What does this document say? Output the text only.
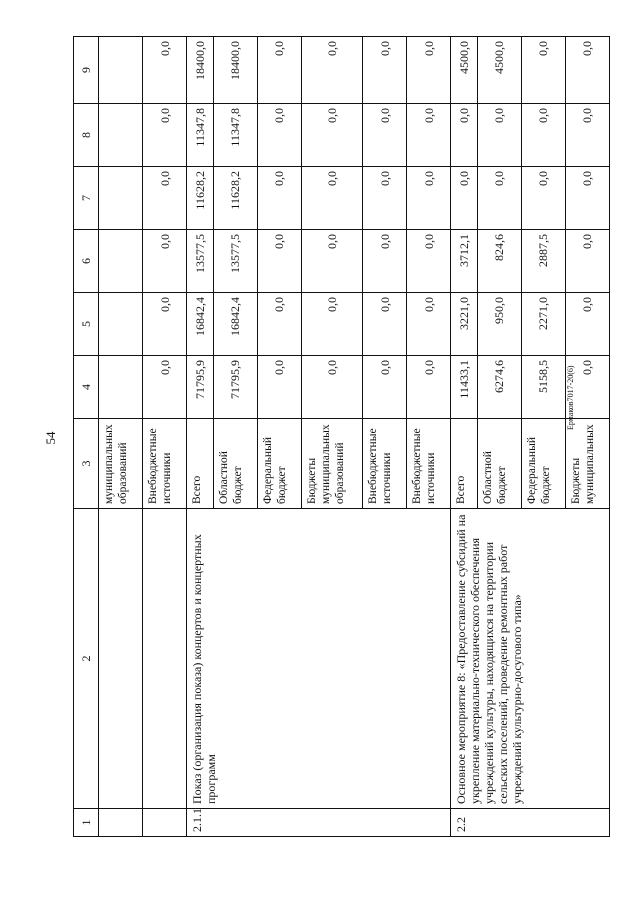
54
Ермаков7017-20(6)
1	2	3	4	5	6	7	8	9
		муниципальных образований						
		Внебюджетные источники	0,0	0,0	0,0	0,0	0,0	0,0
2.1.1	Показ (организация показа) концертов и концертных программ	Всего	71795,9	16842,4	13577,5	11628,2	11347,8	18400,0
		Областной бюджет	71795,9	16842,4	13577,5	11628,2	11347,8	18400,0
		Федеральный бюджет	0,0	0,0	0,0	0,0	0,0	0,0
		Бюджеты муниципальных образований	0,0	0,0	0,0	0,0	0,0	0,0
		Внебюджетные источники	0,0	0,0	0,0	0,0	0,0	0,0
		Внебюджетные источники	0,0	0,0	0,0	0,0	0,0	0,0
2.2	Основное мероприятие 8: «Предоставление субсидий на укрепление материально-технического обеспечения учреждений культуры, находящихся на территории сельских поселений, проведение ремонтных работ учреждений культурно-досугового типа»	Всего	11433,1	3221,0	3712,1	0,0	0,0	4500,0
		Областной бюджет	6274,6	950,0	824,6	0,0	0,0	4500,0
		Федеральный бюджет	5158,5	2271,0	2887,5	0,0	0,0	0,0
		Бюджеты муниципальных	0,0	0,0	0,0	0,0	0,0	0,0
